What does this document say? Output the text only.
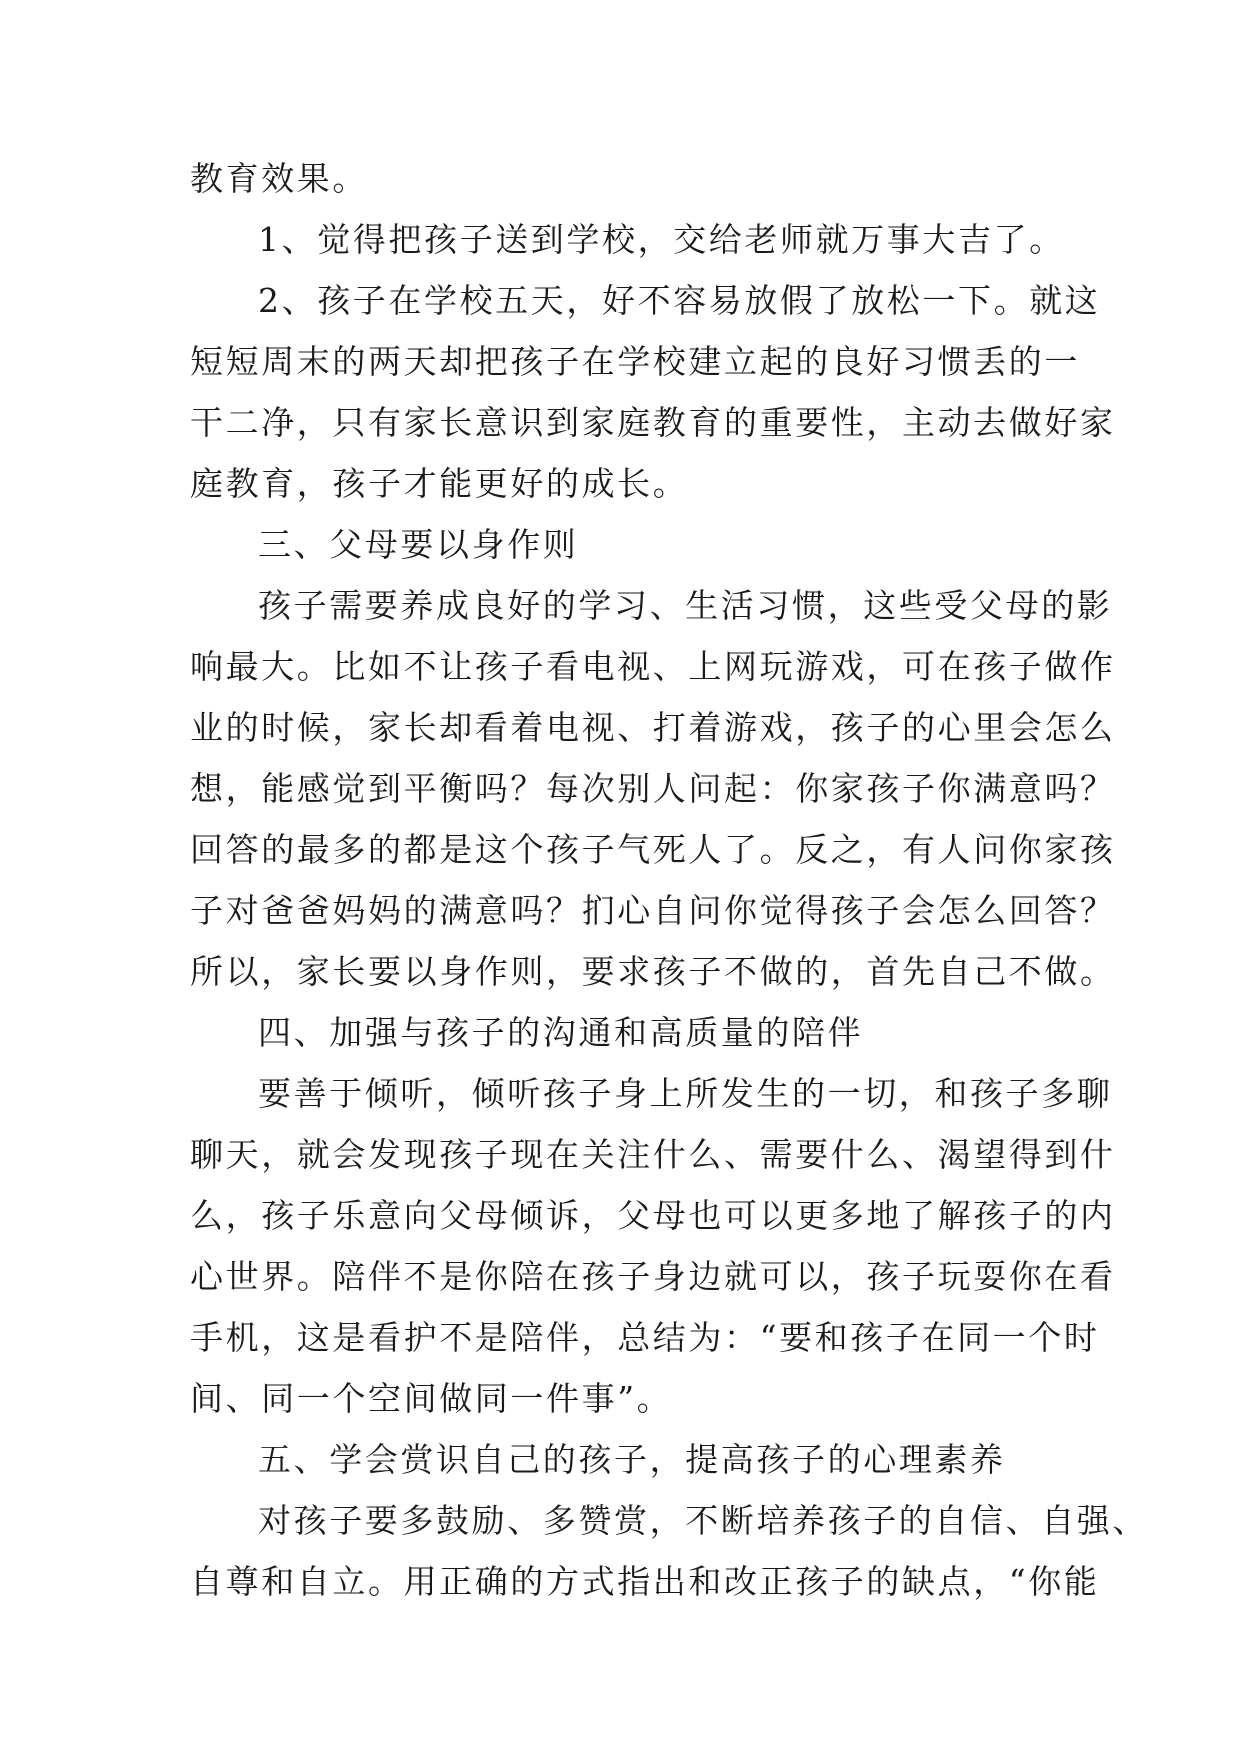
教育效果。
1、觉得把孩子送到学校，交给老师就万事大吉了。
2、孩子在学校五天，好不容易放假了放松一下。就这
短短周末的两天却把孩子在学校建立起的良好习惯丢的一
干二净，只有家长意识到家庭教育的重要性，主动去做好家
庭教育，孩子才能更好的成长。
三、父母要以身作则
孩子需要养成良好的学习、生活习惯，这些受父母的影
响最大。比如不让孩子看电视、上网玩游戏，可在孩子做作
业的时候，家长却看着电视、打着游戏，孩子的心里会怎么
想，能感觉到平衡吗？每次别人问起：你家孩子你满意吗？
回答的最多的都是这个孩子气死人了。反之，有人问你家孩
子对爸爸妈妈的满意吗？扪心自问你觉得孩子会怎么回答？
所以，家长要以身作则，要求孩子不做的，首先自己不做。
四、加强与孩子的沟通和高质量的陪伴
要善于倾听，倾听孩子身上所发生的一切，和孩子多聊
聊天，就会发现孩子现在关注什么、需要什么、渴望得到什
么，孩子乐意向父母倾诉，父母也可以更多地了解孩子的内
心世界。陪伴不是你陪在孩子身边就可以，孩子玩耍你在看
手机，这是看护不是陪伴，总结为：“要和孩子在同一个时
间、同一个空间做同一件事”。
五、学会赏识自己的孩子，提高孩子的心理素养
对孩子要多鼓励、多赞赏，不断培养孩子的自信、自强、
自尊和自立。用正确的方式指出和改正孩子的缺点，“你能
